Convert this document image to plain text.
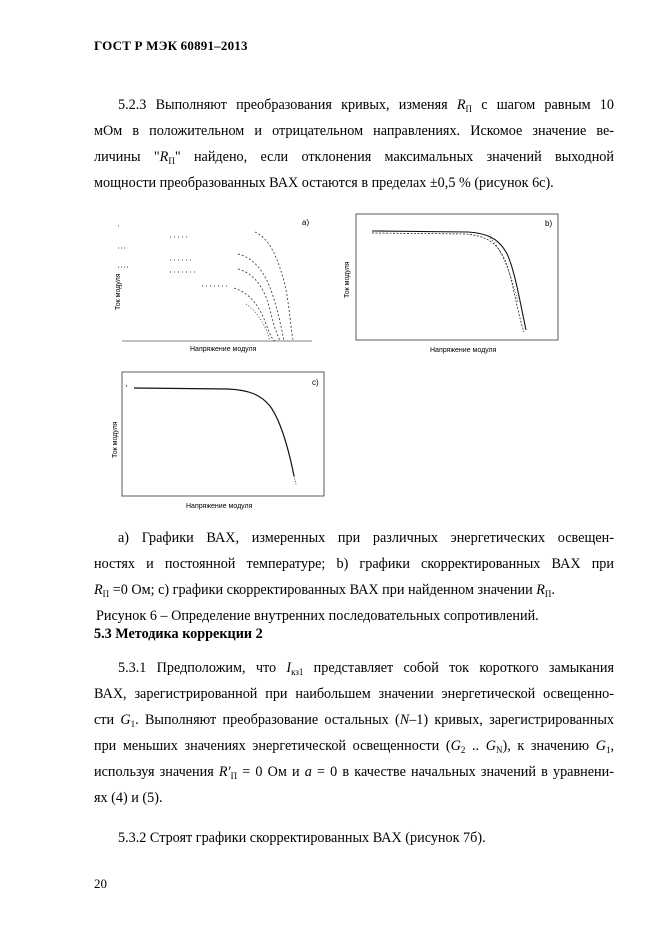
ГОСТ Р МЭК 60891–2013
5.2.3 Выполняют преобразования кривых, изменяя $R_П$ с шагом равным 10
мОм в положительном и отрицательном направлениях. Искомое значение ве-
личины "$R_П$" найдено, если отклонения максимальных значений выходной
мощности преобразованных ВАХ остаются в пределах ±0,5 % (рисунок 6с).
a)
Ток модуля
Напряжение модуля
b)
Ток модуля
Напряжение модуля
c)
Ток модуля
Напряжение модуля
а) Графики ВАХ, измеренных при различных энергетических освещен-
ностях и постоянной температуре; b) графики скорректированных ВАХ при
$R_П =0$ Ом; с) графики скорректированных ВАХ при найденном значении $R_П$.
Рисунок 6 – Определение внутренних последовательных сопротивлений.
5.3 Методика коррекции 2
5.3.1 Предположим, что $I_{кз1}$ представляет собой ток короткого замыкания
ВАХ, зарегистрированной при наибольшем значении энергетической освещенно-
сти $G_1$. Выполняют преобразование остальных (N–1) кривых, зарегистрированных
при меньших значениях энергетической освещенности ($G_2$ .. $G_N$), к значению $G_1$,
используя значения $R'_П = 0$ Ом и a = 0 в качестве начальных значений в уравнени-
ях (4) и (5).
5.3.2 Строят графики скорректированных ВАХ (рисунок 7б).
20
